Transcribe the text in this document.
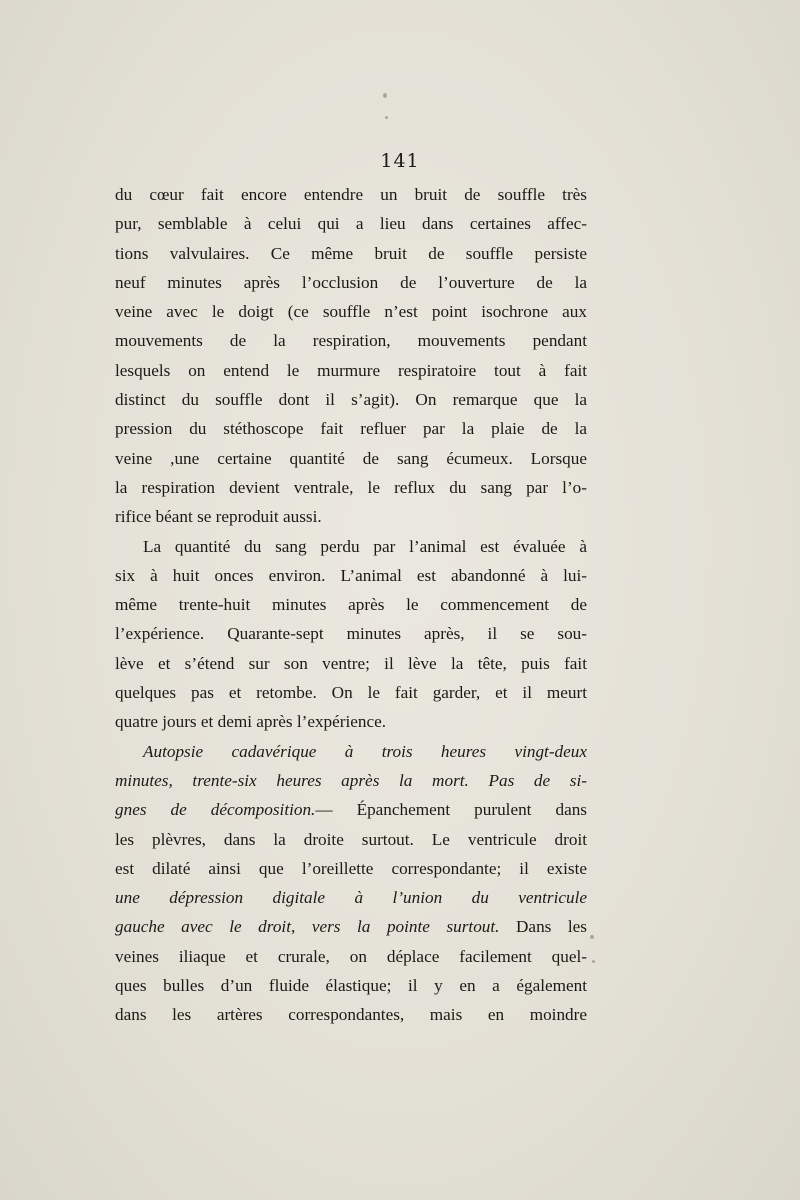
141
du cœur fait encore entendre un bruit de souffle très
pur, semblable à celui qui a lieu dans certaines affec-
tions valvulaires. Ce même bruit de souffle persiste
neuf minutes après l’occlusion de l’ouverture de la
veine avec le doigt (ce souffle n’est point isochrone aux
mouvements de la respiration, mouvements pendant
lesquels on entend le murmure respiratoire tout à fait
distinct du souffle dont il s’agit). On remarque que la
pression du stéthoscope fait refluer par la plaie de la
veine ,une certaine quantité de sang écumeux. Lorsque
la respiration devient ventrale, le reflux du sang par l’o-
rifice béant se reproduit aussi.
La quantité du sang perdu par l’animal est évaluée à
six à huit onces environ. L’animal est abandonné à lui-
même trente-huit minutes après le commencement de
l’expérience. Quarante-sept minutes après, il se sou-
lève et s’étend sur son ventre; il lève la tête, puis fait
quelques pas et retombe. On le fait garder, et il meurt
quatre jours et demi après l’expérience.
Autopsie cadavérique à trois heures vingt-deux
minutes, trente-six heures après la mort. Pas de si-
gnes de décomposition.— Épanchement purulent dans
les plèvres, dans la droite surtout. Le ventricule droit
est dilaté ainsi que l’oreillette correspondante; il existe
une dépression digitale à l’union du ventricule
gauche avec le droit, vers la pointe surtout. Dans les
veines iliaque et crurale, on déplace facilement quel-
ques bulles d’un fluide élastique; il y en a également
dans les artères correspondantes, mais en moindre
